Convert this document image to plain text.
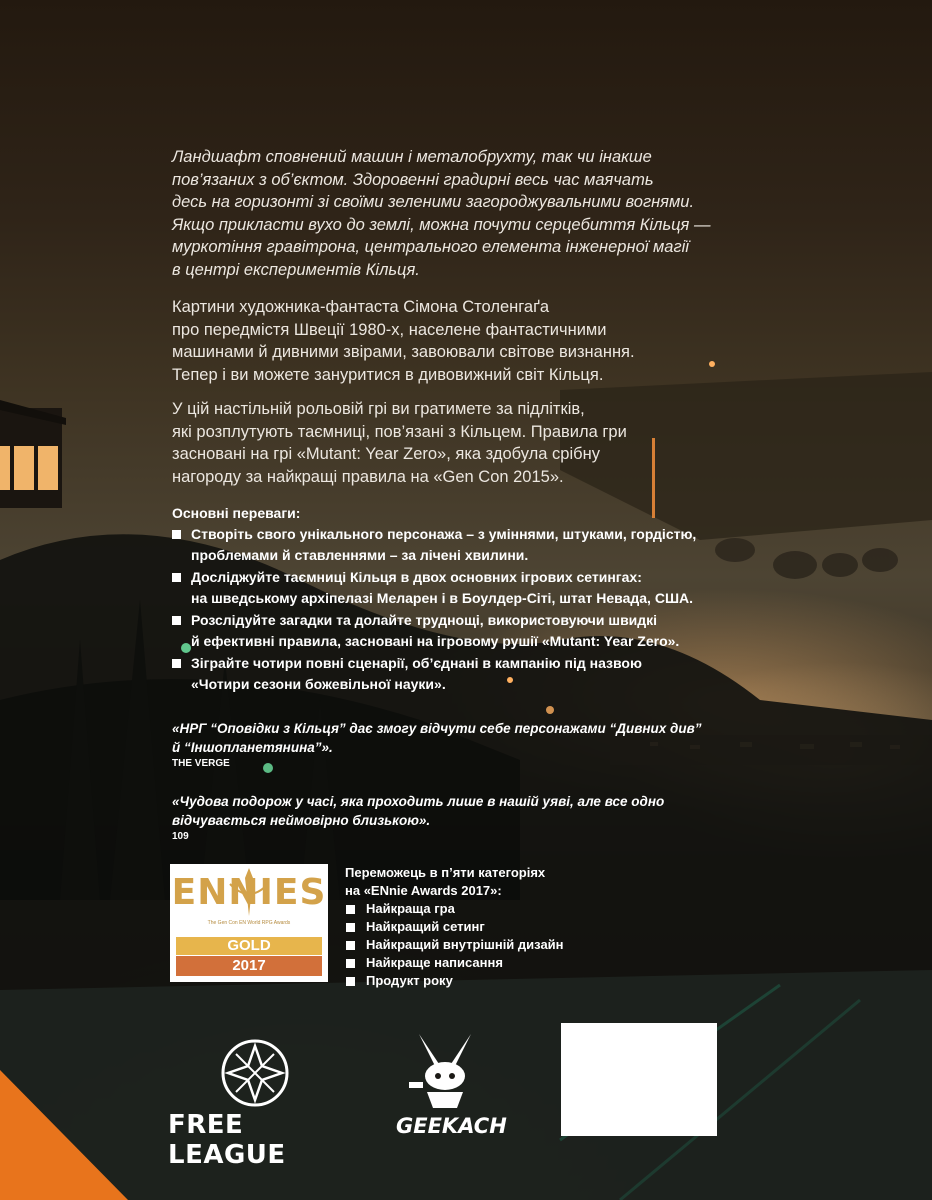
Ландшафт сповнений машин і металобрухту, так чи інакше
пов’язаних з об’єктом. Здоровенні градирні весь час маячать
десь на горизонті зі своїми зеленими загороджувальними вогнями.
Якщо прикласти вухо до землі, можна почути серцебиття Кільця —
муркотіння гравітрона, центрального елемента інженерної магії
в центрі експериментів Кільця.
Картини художника-фантаста Сімона Столенгаґа
про передмістя Швеції 1980-х, населене фантастичними
машинами й дивними звірами, завоювали світове визнання.
Тепер і ви можете зануритися в дивовижний світ Кільця.
У цій настільній рольовій грі ви гратимете за підлітків,
які розплутують таємниці, пов’язані з Кільцем. Правила гри
засновані на грі «Mutant: Year Zero», яка здобула срібну
нагороду за найкращі правила на «Gen Con 2015».
Основні переваги:
Створіть свого унікального персонажа – з уміннями, штуками, гордістю,
проблемами й ставленнями – за лічені хвилини.
Досліджуйте таємниці Кільця в двох основних ігрових сетингах:
на шведському архіпелазі Меларен і в Боулдер-Сіті, штат Невада, США.
Розслідуйте загадки та долайте труднощі, використовуючи швидкі
й ефективні правила, засновані на ігровому рушії «Mutant: Year Zero».
Зіграйте чотири повні сценарії, об’єднані в кампанію під назвою
«Чотири сезони божевільної науки».
«НРГ “Оповідки з Кільця” дає змогу відчути себе персонажами “Дивних див”
й “Іншопланетянина”».
THE VERGE
«Чудова подорож у часі, яка проходить лише в нашій уяві, але все одно
відчувається неймовірно близькою».
109
ENNIES
The Gen Con EN World RPG Awards
GOLD
2017
Переможець в п’яти категоріях
на «ENnie Awards 2017»:
Найкраща гра
Найкращий сетинг
Найкращий внутрішній дизайн
Найкраще написання
Продукт року
FREE LEAGUE
GEEKACH
